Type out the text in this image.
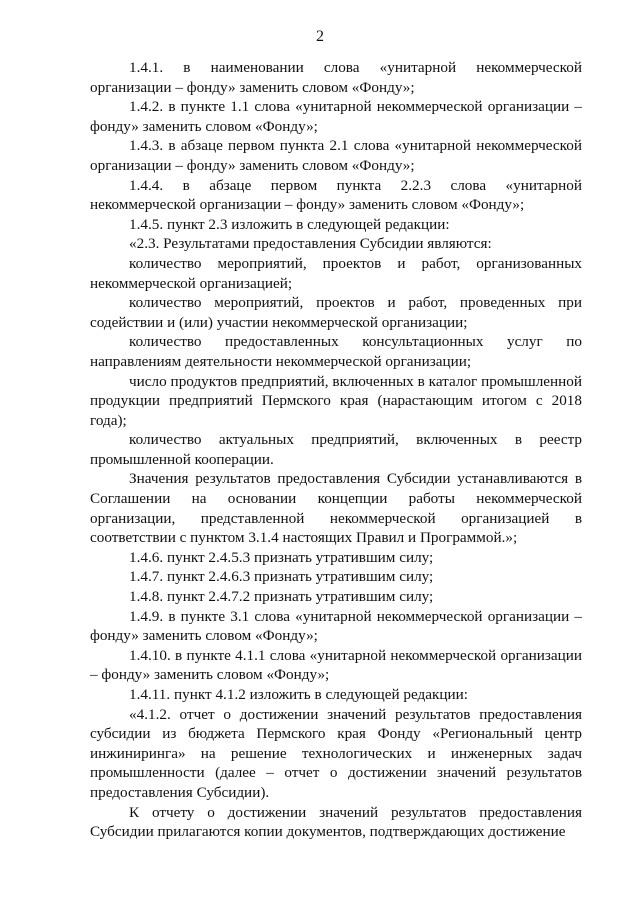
2

1.4.1. в наименовании слова «унитарной некоммерческой организации – фонду» заменить словом «Фонду»;

1.4.2. в пункте 1.1 слова «унитарной некоммерческой организации – фонду» заменить словом «Фонду»;

1.4.3. в абзаце первом пункта 2.1 слова «унитарной некоммерческой организации – фонду» заменить словом «Фонду»;

1.4.4. в абзаце первом пункта 2.2.3 слова «унитарной некоммерческой организации – фонду» заменить словом «Фонду»;

1.4.5. пункт 2.3 изложить в следующей редакции:

«2.3. Результатами предоставления Субсидии являются:

количество мероприятий, проектов и работ, организованных некоммерческой организацией;

количество мероприятий, проектов и работ, проведенных при содействии и (или) участии некоммерческой организации;

количество предоставленных консультационных услуг по направлениям деятельности некоммерческой организации;

число продуктов предприятий, включенных в каталог промышленной продукции предприятий Пермского края (нарастающим итогом с 2018 года);

количество актуальных предприятий, включенных в реестр промышленной кооперации.

Значения результатов предоставления Субсидии устанавливаются в Соглашении на основании концепции работы некоммерческой организации, представленной некоммерческой организацией в соответствии с пунктом 3.1.4 настоящих Правил и Программой.»;

1.4.6. пункт 2.4.5.3 признать утратившим силу;

1.4.7. пункт 2.4.6.3 признать утратившим силу;

1.4.8. пункт 2.4.7.2 признать утратившим силу;

1.4.9. в пункте 3.1 слова «унитарной некоммерческой организации – фонду» заменить словом «Фонду»;

1.4.10. в пункте 4.1.1 слова «унитарной некоммерческой организации – фонду» заменить словом «Фонду»;

1.4.11. пункт 4.1.2 изложить в следующей редакции:

«4.1.2. отчет о достижении значений результатов предоставления субсидии из бюджета Пермского края Фонду «Региональный центр инжиниринга» на решение технологических и инженерных задач промышленности (далее – отчет о достижении значений результатов предоставления Субсидии).

К отчету о достижении значений результатов предоставления Субсидии прилагаются копии документов, подтверждающих достижение
